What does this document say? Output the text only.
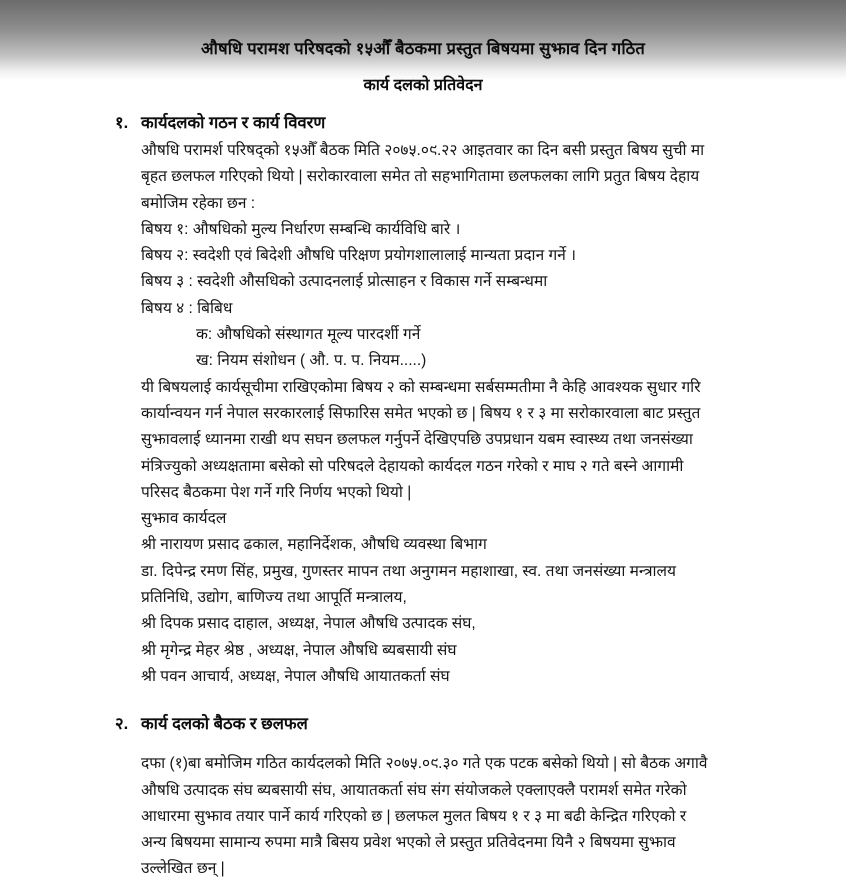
औषधि परामश परिषदको १५औँ बैठकमा प्रस्तुत बिषयमा सुझाव दिन गठित
कार्य दलको प्रतिवेदन
१. कार्यदलको गठन र कार्य विवरण
औषधि परामर्श परिषद्को १५औँ बैठक मिति २०७५.०९.२२ आइतवार का दिन बसी प्रस्तुत बिषय सुची मा
बृहत छलफल गरिएको थियो | सरोकारवाला समेत तो सहभागितामा छलफलका लागि प्रतुत बिषय देहाय
बमोजिम रहेका छन :
बिषय १: औषधिको मुल्य निर्धारण सम्बन्धि कार्यविधि बारे ।
बिषय २: स्वदेशी एवं बिदेशी औषधि परिक्षण प्रयोगशालालाई मान्यता प्रदान गर्ने ।
बिषय ३ : स्वदेशी औसधिको उत्पादनलाई प्रोत्साहन र विकास गर्ने सम्बन्धमा
बिषय ४ : बिबिध
क: औषधिको संस्थागत मूल्य पारदर्शी गर्ने
ख: नियम संशोधन ( औ. प. प. नियम.....)
यी बिषयलाई कार्यसूचीमा राखिएकोमा बिषय २ को सम्बन्धमा सर्बसम्मतीमा नै केहि आवश्यक सुधार गरि
कार्यान्वयन गर्न नेपाल सरकारलाई सिफारिस समेत भएको छ | बिषय १ र ३ मा सरोकारवाला बाट प्रस्तुत
सुझावलाई ध्यानमा राखी थप सघन छलफल गर्नुपर्ने देखिएपछि उपप्रधान यबम स्वास्थ्य तथा जनसंख्या
मंत्रिज्युको अध्यक्षतामा बसेको सो परिषदले देहायको कार्यदल गठन गरेको र माघ २ गते बस्ने आगामी
परिसद बैठकमा पेश गर्ने गरि निर्णय भएको थियो |
सुझाव कार्यदल
श्री नारायण प्रसाद ढकाल, महानिर्देशक, औषधि व्यवस्था बिभाग
डा. दिपेन्द्र रमण सिंह, प्रमुख, गुणस्तर मापन तथा अनुगमन महाशाखा, स्व. तथा जनसंख्या मन्त्रालय
प्रतिनिधि, उद्योग, बाणिज्य तथा आपूर्ति मन्त्रालय,
श्री दिपक प्रसाद दाहाल, अध्यक्ष, नेपाल औषधि उत्पादक संघ,
श्री मृगेन्द्र मेहर श्रेष्ठ , अध्यक्ष, नेपाल औषधि ब्यबसायी संघ
श्री पवन आचार्य, अध्यक्ष, नेपाल औषधि आयातकर्ता संघ
२. कार्य दलको बैठक र छलफल
दफा (१)बा बमोजिम गठित कार्यदलको मिति २०७५.०९.३० गते एक पटक बसेको थियो | सो बैठक अगावै
औषधि उत्पादक संघ ब्यबसायी संघ, आयातकर्ता संघ संग संयोजकले एक्लाएक्लै परामर्श समेत गरेको
आधारमा सुझाव तयार पार्ने कार्य गरिएको छ | छलफल मुलत बिषय १ र ३ मा बढी केन्द्रित गरिएको र
अन्य बिषयमा सामान्य रुपमा मात्रै बिसय प्रवेश भएको ले प्रस्तुत प्रतिवेदनमा यिनै २ बिषयमा सुझाव
उल्लेखित छन् |
